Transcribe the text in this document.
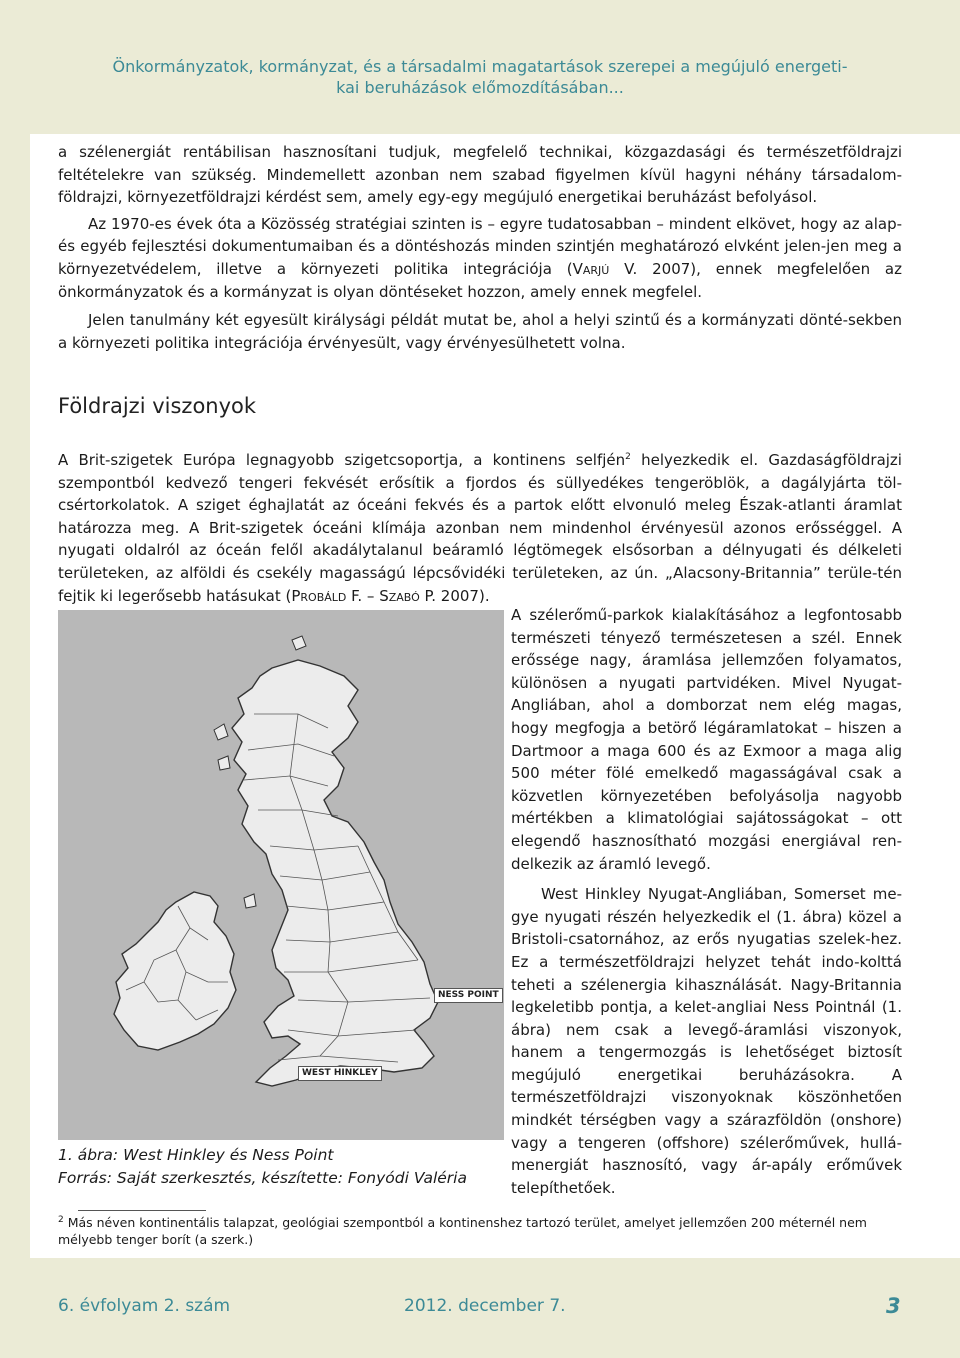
Önkormányzatok, kormányzat, és a társadalmi magatartások szerepei a megújuló energeti-
kai beruházások előmozdításában...

a szélenergiát rentábilisan hasznosítani tudjuk, megfelelő technikai, közgazdasági és természetföldrajzi feltételekre van szükség. Mindemellett azonban nem szabad figyelmen kívül hagyni néhány társadalom-földrajzi, környezetföldrajzi kérdést sem, amely egy-egy megújuló energetikai beruházást befolyásol.

Az 1970-es évek óta a Közösség stratégiai szinten is – egyre tudatosabban – mindent elkövet, hogy az alap- és egyéb fejlesztési dokumentumaiban és a döntéshozás minden szintjén meghatározó elvként jelen-jen meg a környezetvédelem, illetve a környezeti politika integrációja (Varjú V. 2007), ennek megfelelően az önkormányzatok és a kormányzat is olyan döntéseket hozzon, amely ennek megfelel.

Jelen tanulmány két egyesült királysági példát mutat be, ahol a helyi szintű és a kormányzati dönté-sekben a környezeti politika integrációja érvényesült, vagy érvényesülhetett volna.

Földrajzi viszonyok

A Brit-szigetek Európa legnagyobb szigetcsoportja, a kontinens selfjén$^2$ helyezkedik el. Gazdaságföldrajzi szempontból kedvező tengeri fekvését erősítik a fjordos és süllyedékes tengeröblök, a dagályjárta töl-csértorkolatok. A sziget éghajlatát az óceáni fekvés és a partok előtt elvonuló meleg Észak-atlanti áramlat határozza meg. A Brit-szigetek óceáni klímája azonban nem mindenhol érvényesül azonos erősséggel. A nyugati oldalról az óceán felől akadálytalanul beáramló légtömegek elsősorban a délnyugati és délkeleti területeken, az alföldi és csekély magasságú lépcsővidéki területeken, az ún. „Alacsony-Britannia” terüle-tén fejtik ki legerősebb hatásukat (Probáld F. – Szabó P. 2007).

NESS POINT
WEST HINKLEY
1. ábra: West Hinkley és Ness Point
Forrás: Saját szerkesztés, készítette: Fonyódi Valéria

A szélerőmű-parkok kialakításához a legfontosabb természeti tényező természetesen a szél. Ennek erőssége nagy, áramlása jellemzően folyamatos, különösen a nyugati partvidéken. Mivel Nyugat-Angliában, ahol a domborzat nem elég magas, hogy megfogja a betörő légáramlatokat – hiszen a Dartmoor a maga 600 és az Exmoor a maga alig 500 méter fölé emelkedő magasságával csak a közvetlen környezetében befolyásolja nagyobb mértékben a klimatológiai sajátosságokat – ott elegendő hasznosítható mozgási energiával ren-delkezik az áramló levegő.

West Hinkley Nyugat-Angliában, Somerset me-gye nyugati részén helyezkedik el (1. ábra) közel a Bristoli-csatornához, az erős nyugatias szelek-hez. Ez a természetföldrajzi helyzet tehát indo-kolttá teheti a szélenergia kihasználását. Nagy-Britannia legkeletibb pontja, a kelet-angliai Ness Pointnál (1. ábra) nem csak a levegő-áramlási viszonyok, hanem a tengermozgás is lehetőséget biztosít megújuló energetikai beruházásokra. A természetföldrajzi viszonyoknak köszönhetően mindkét térségben vagy a szárazföldön (onshore) vagy a tengeren (offshore) szélerőművek, hullá-menergiát hasznosító, vagy ár-apály erőművek telepíthetőek.

$^2$ Más néven kontinentális talapzat, geológiai szempontból a kontinenshez tartozó terület, amelyet jellemzően 200 méternél nem mélyebb tenger borít (a szerk.)
6. évfolyam 2. szám	2012. december 7.	3
